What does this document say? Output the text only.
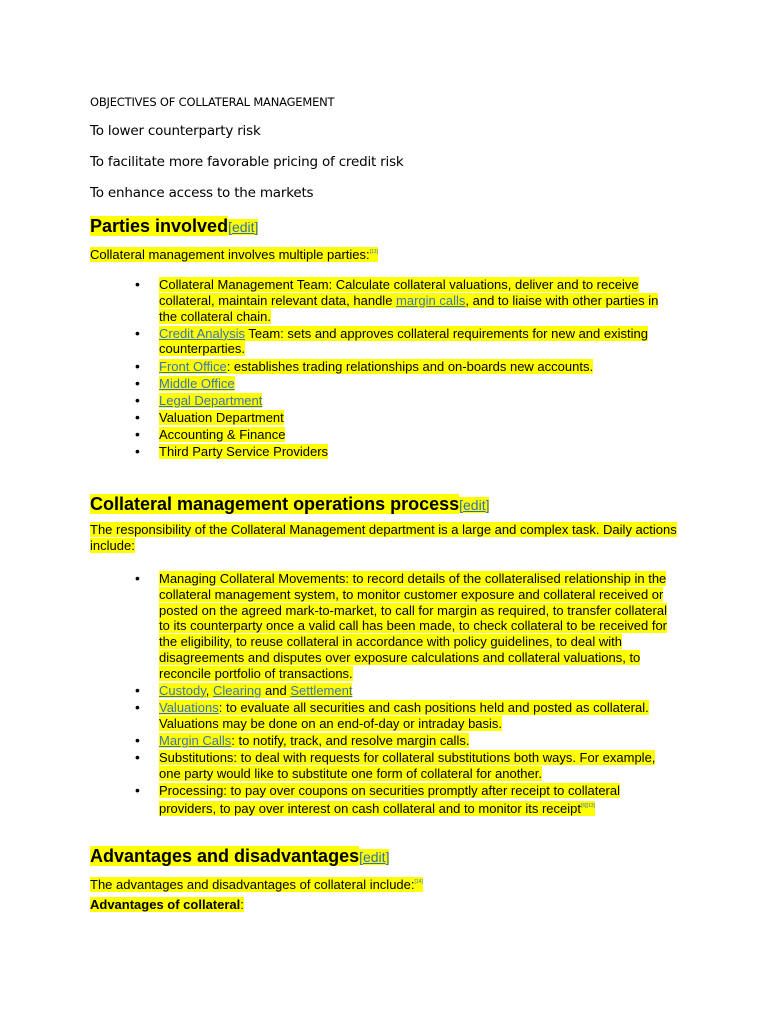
OBJECTIVES OF COLLATERAL MANAGEMENT
To lower counterparty risk
To facilitate more favorable pricing of credit risk
To enhance access to the markets
Parties involved[edit]
Collateral management involves multiple parties:[13]
• Collateral Management Team: Calculate collateral valuations, deliver and to receive collateral, maintain relevant data, handle margin calls, and to liaise with other parties in the collateral chain.
• Credit Analysis Team: sets and approves collateral requirements for new and existing counterparties.
• Front Office: establishes trading relationships and on-boards new accounts.
• Middle Office
• Legal Department
• Valuation Department
• Accounting & Finance
• Third Party Service Providers
Collateral management operations process[edit]
The responsibility of the Collateral Management department is a large and complex task. Daily actions include:
• Managing Collateral Movements: to record details of the collateralised relationship in the collateral management system, to monitor customer exposure and collateral received or posted on the agreed mark-to-market, to call for margin as required, to transfer collateral to its counterparty once a valid call has been made, to check collateral to be received for the eligibility, to reuse collateral in accordance with policy guidelines, to deal with disagreements and disputes over exposure calculations and collateral valuations, to reconcile portfolio of transactions.
• Custody, Clearing and Settlement
• Valuations: to evaluate all securities and cash positions held and posted as collateral. Valuations may be done on an end-of-day or intraday basis.
• Margin Calls: to notify, track, and resolve margin calls.
• Substitutions: to deal with requests for collateral substitutions both ways. For example, one party would like to substitute one form of collateral for another.
• Processing: to pay over coupons on securities promptly after receipt to collateral providers, to pay over interest on cash collateral and to monitor its receipt[6][13]
Advantages and disadvantages[edit]
The advantages and disadvantages of collateral include:[14]
Advantages of collateral:
